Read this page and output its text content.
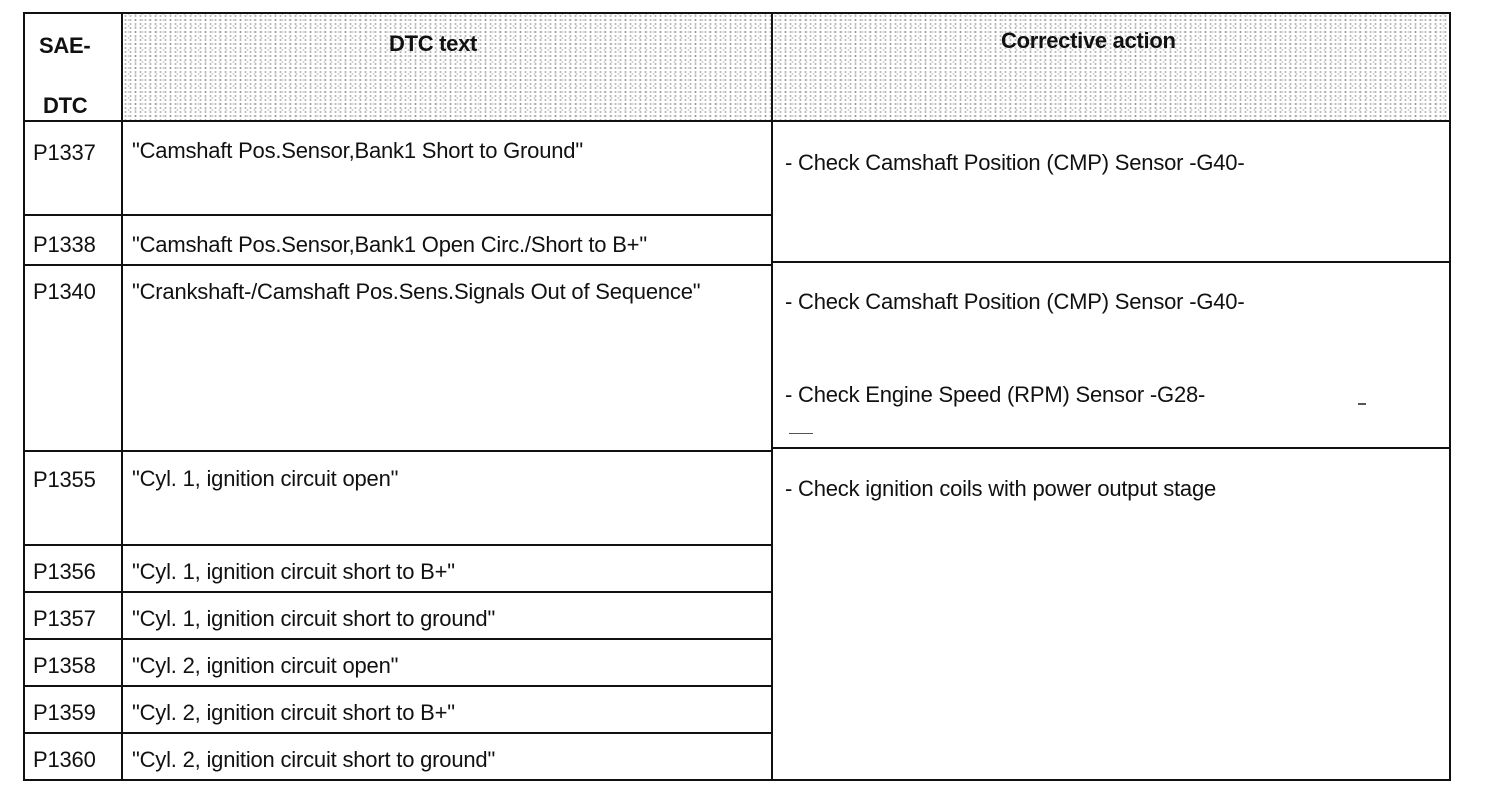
SAE-
DTC
DTC text	Corrective action
P1337
P1338
P1340
P1355
P1356
P1357
P1358
P1359
P1360
"Camshaft Pos.Sensor,Bank1 Short to Ground"
"Camshaft Pos.Sensor,Bank1 Open Circ./Short to B+"
"Crankshaft-/Camshaft Pos.Sens.Signals Out of Sequence"
"Cyl. 1, ignition circuit open"
"Cyl. 1, ignition circuit short to B+"
"Cyl. 1, ignition circuit short to ground"
"Cyl. 2, ignition circuit open"
"Cyl. 2, ignition circuit short to B+"
"Cyl. 2, ignition circuit short to ground"
- Check Camshaft Position (CMP) Sensor -G40-
- Check Camshaft Position (CMP) Sensor -G40-
- Check Engine Speed (RPM) Sensor -G28-
- Check ignition coils with power output stage
